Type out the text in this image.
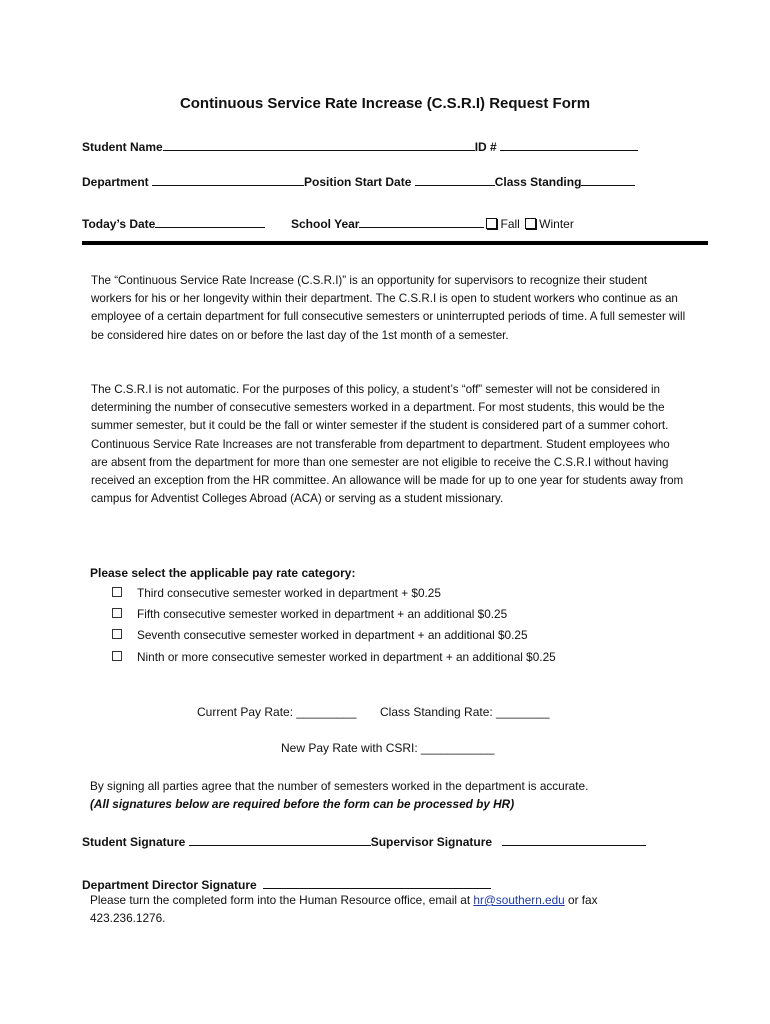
Continuous Service Rate Increase (C.S.R.I) Request Form
Student Name	ID #
Department	Position Start Date	Class Standing
Today’s Date	School Year	Fall Winter
The “Continuous Service Rate Increase (C.S.R.I)” is an opportunity for supervisors to recognize their student workers for his or her longevity within their department. The C.S.R.I is open to student workers who continue as an employee of a certain department for full consecutive semesters or uninterrupted periods of time. A full semester will be considered hire dates on or before the last day of the 1st month of a semester.
The C.S.R.I is not automatic. For the purposes of this policy, a student’s “off” semester will not be considered in determining the number of consecutive semesters worked in a department. For most students, this would be the summer semester, but it could be the fall or winter semester if the student is considered part of a summer cohort. Continuous Service Rate Increases are not transferable from department to department. Student employees who are absent from the department for more than one semester are not eligible to receive the C.S.R.I without having received an exception from the HR committee. An allowance will be made for up to one year for students away from campus for Adventist Colleges Abroad (ACA) or serving as a student missionary.
Please select the applicable pay rate category:
Third consecutive semester worked in department + $0.25
Fifth consecutive semester worked in department + an additional $0.25
Seventh consecutive semester worked in department + an additional $0.25
Ninth or more consecutive semester worked in department + an additional $0.25
Current Pay Rate: _________ Class Standing Rate: ________
New Pay Rate with CSRI: ___________
By signing all parties agree that the number of semesters worked in the department is accurate.
(All signatures below are required before the form can be processed by HR)
Student Signature	Supervisor Signature
Department Director Signature
Please turn the completed form into the Human Resource office, email at hr@southern.edu or fax
423.236.1276.
